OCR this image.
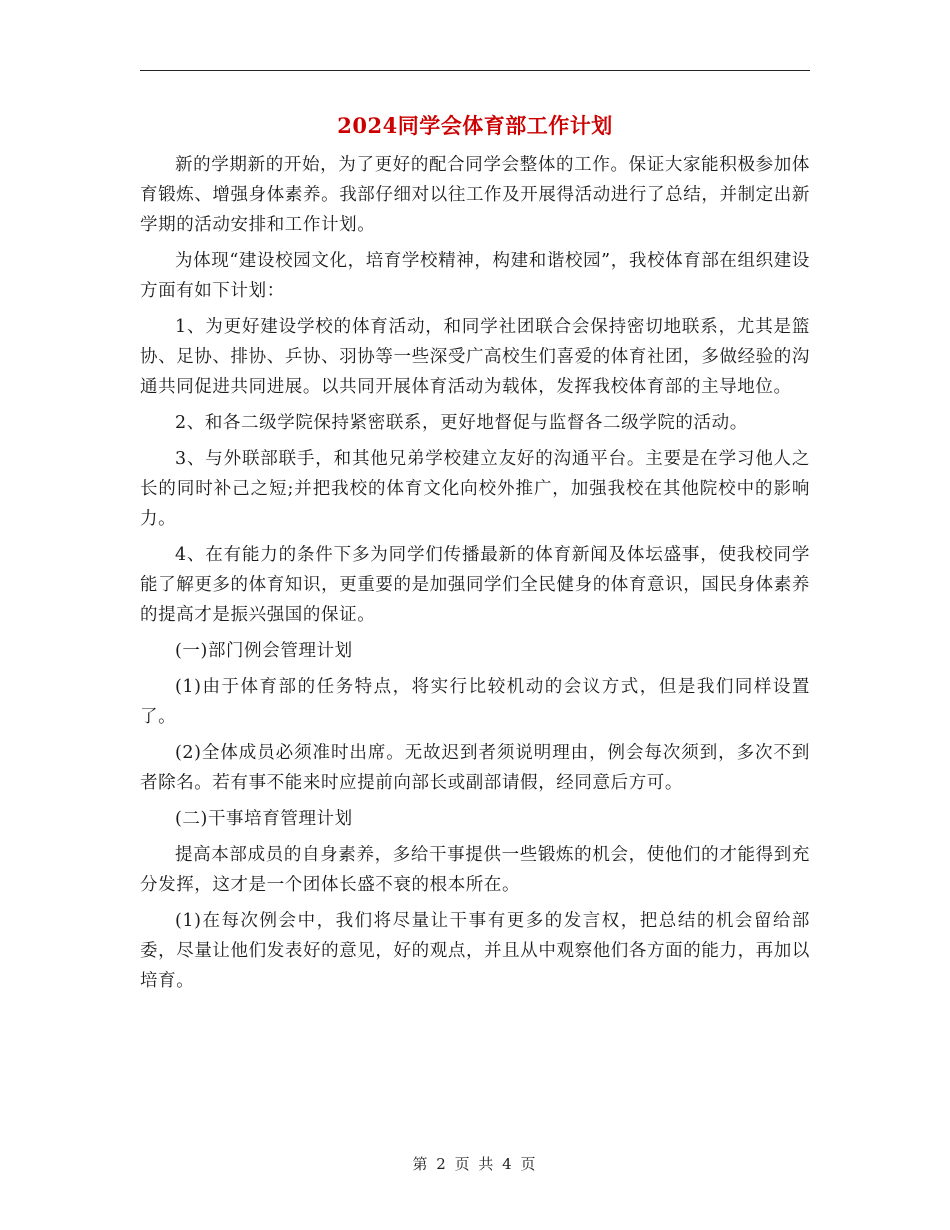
2024同学会体育部工作计划

新的学期新的开始，为了更好的配合同学会整体的工作。保证大家能积极参加体育锻炼、增强身体素养。我部仔细对以往工作及开展得活动进行了总结，并制定出新学期的活动安排和工作计划。

为体现“建设校园文化，培育学校精神，构建和谐校园”，我校体育部在组织建设方面有如下计划：

1、为更好建设学校的体育活动，和同学社团联合会保持密切地联系，尤其是篮协、足协、排协、乒协、羽协等一些深受广高校生们喜爱的体育社团，多做经验的沟通共同促进共同进展。以共同开展体育活动为载体，发挥我校体育部的主导地位。

2、和各二级学院保持紧密联系，更好地督促与监督各二级学院的活动。

3、与外联部联手，和其他兄弟学校建立友好的沟通平台。主要是在学习他人之长的同时补己之短;并把我校的体育文化向校外推广，加强我校在其他院校中的影响力。

4、在有能力的条件下多为同学们传播最新的体育新闻及体坛盛事，使我校同学能了解更多的体育知识，更重要的是加强同学们全民健身的体育意识，国民身体素养的提高才是振兴强国的保证。

(一)部门例会管理计划

(1)由于体育部的任务特点，将实行比较机动的会议方式，但是我们同样设置了。

(2)全体成员必须准时出席。无故迟到者须说明理由，例会每次须到，多次不到者除名。若有事不能来时应提前向部长或副部请假，经同意后方可。

(二)干事培育管理计划

提高本部成员的自身素养，多给干事提供一些锻炼的机会，使他们的才能得到充分发挥，这才是一个团体长盛不衰的根本所在。

(1)在每次例会中，我们将尽量让干事有更多的发言权，把总结的机会留给部委，尽量让他们发表好的意见，好的观点，并且从中观察他们各方面的能力，再加以培育。

第 2 页 共 4 页
